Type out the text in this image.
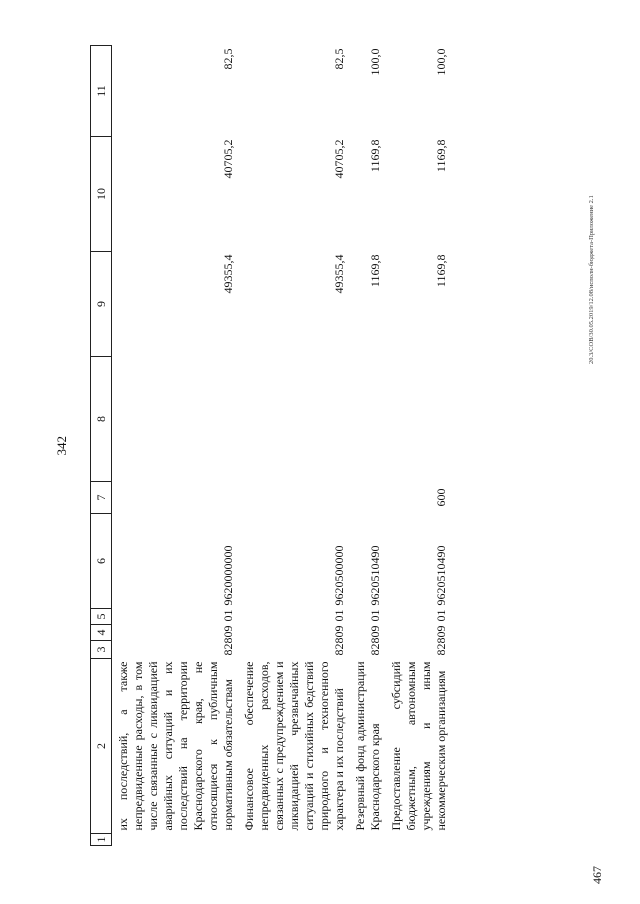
342
20.3/СОВ/30.05.2019/12.08/исполн-бюджета-Приложение 2.1
467
1	2	3	4	5	6	7	8	9	10	11
	их последствий, а также непредвиденные расходы, в том числе связанные с ликвидацией аварийных ситуаций и их последствий на территории Краснодарского края, не относящиеся к публичным нормативным обязательствам	828	09	01	9620000000			49355,4	40705,2	82,5
	Финансовое обеспечение непредвиденных расходов, связанных с предупреждением и ликвидацией чрезвычайных ситуаций и стихийных бедствий природного и техногенного характера и их последствий	828	09	01	9620500000			49355,4	40705,2	82,5
	Резервный фонд администрации Краснодарского края	828	09	01	9620510490			1169,8	1169,8	100,0
	Предоставление субсидий бюджетным, автономным учреждениям и иным некоммерческим организациям	828	09	01	9620510490	600		1169,8	1169,8	100,0
